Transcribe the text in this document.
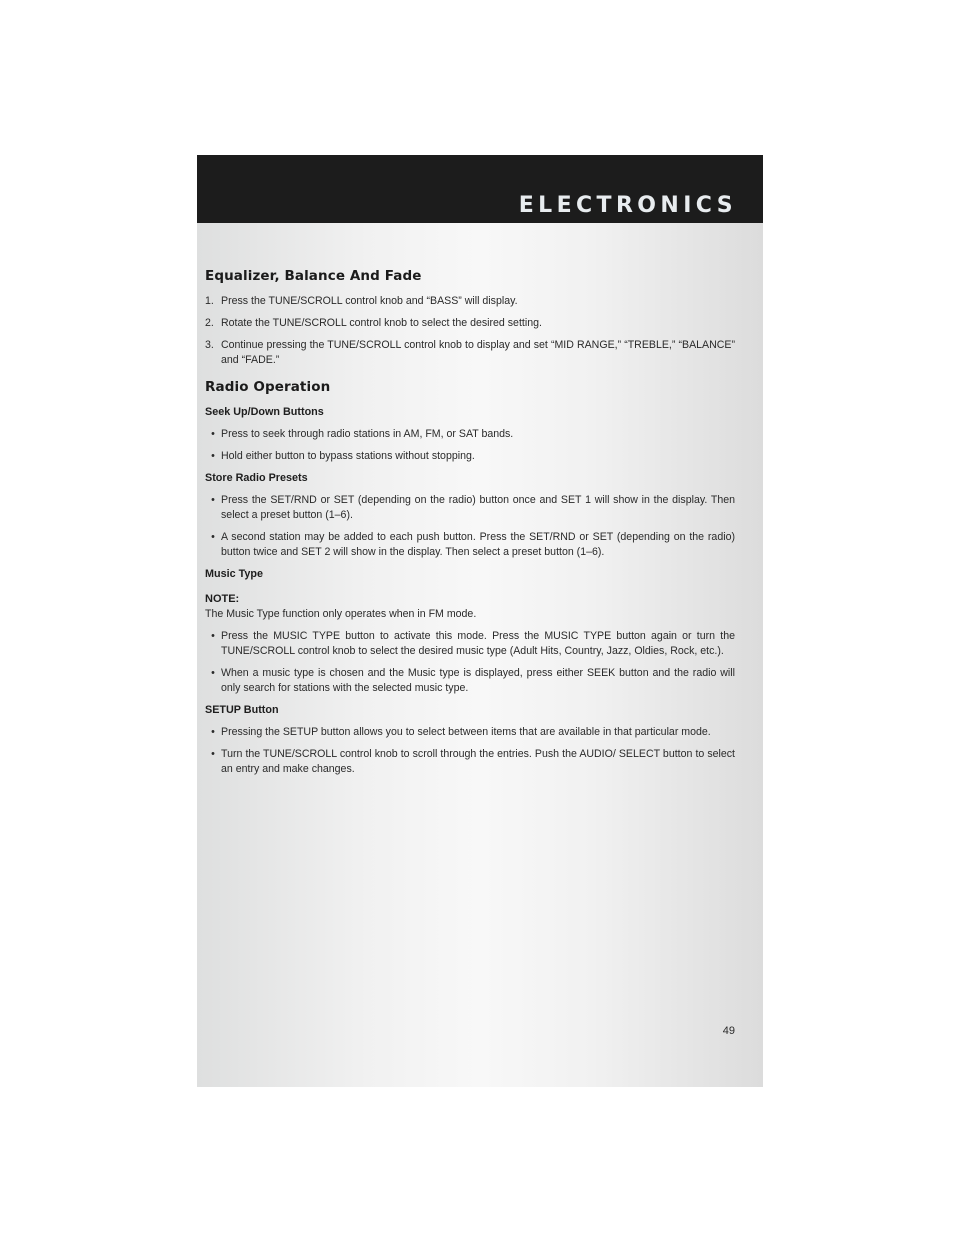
ELECTRONICS
Equalizer, Balance And Fade
1. Press the TUNE/SCROLL control knob and “BASS” will display.
2. Rotate the TUNE/SCROLL control knob to select the desired setting.
3. Continue pressing the TUNE/SCROLL control knob to display and set “MID RANGE,” “TREBLE,” “BALANCE” and “FADE.”
Radio Operation
Seek Up/Down Buttons
• Press to seek through radio stations in AM, FM, or SAT bands.
• Hold either button to bypass stations without stopping.
Store Radio Presets
• Press the SET/RND or SET (depending on the radio) button once and SET 1 will show in the display. Then select a preset button (1–6).
• A second station may be added to each push button. Press the SET/RND or SET (depending on the radio) button twice and SET 2 will show in the display. Then select a preset button (1–6).
Music Type
NOTE:
The Music Type function only operates when in FM mode.
• Press the MUSIC TYPE button to activate this mode. Press the MUSIC TYPE button again or turn the TUNE/SCROLL control knob to select the desired music type (Adult Hits, Country, Jazz, Oldies, Rock, etc.).
• When a music type is chosen and the Music type is displayed, press either SEEK button and the radio will only search for stations with the selected music type.
SETUP Button
• Pressing the SETUP button allows you to select between items that are available in that particular mode.
• Turn the TUNE/SCROLL control knob to scroll through the entries. Push the AUDIO/ SELECT button to select an entry and make changes.
49
